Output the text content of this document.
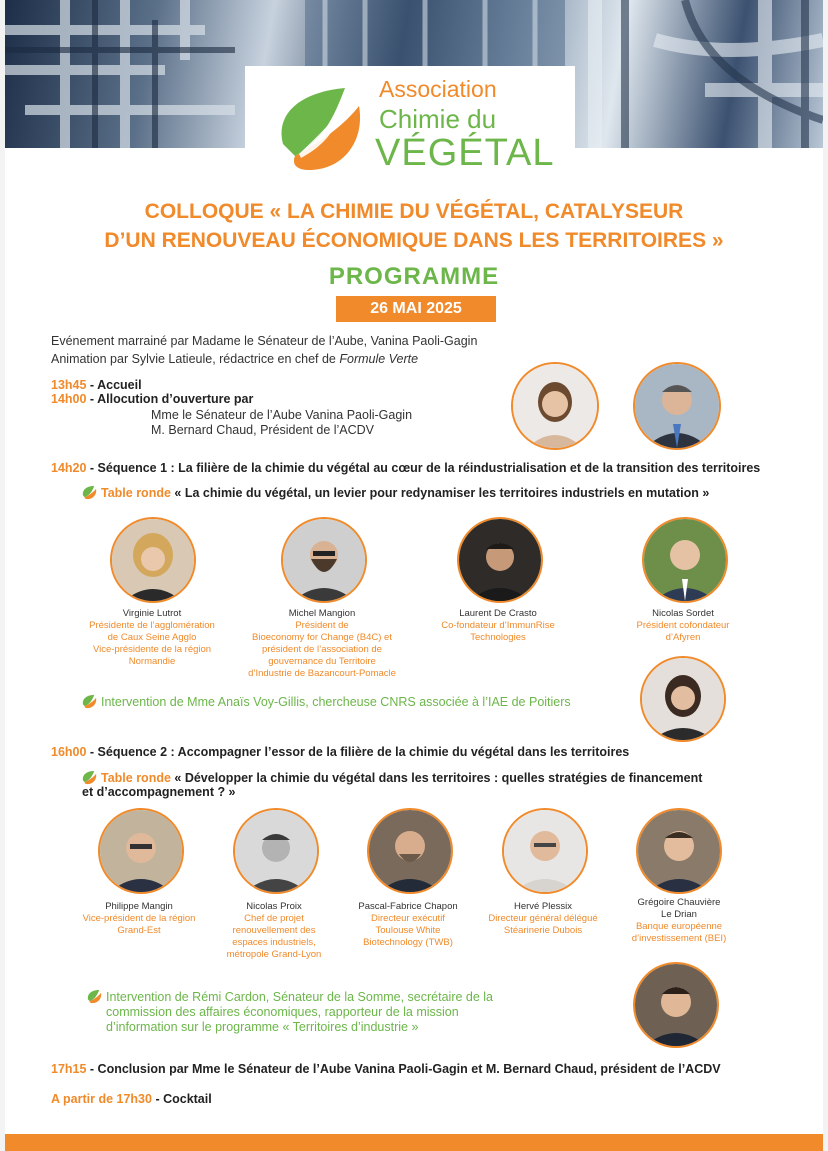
Association
Chimie du
VÉGÉTAL
COLLOQUE « LA CHIMIE DU VÉGÉTAL, CATALYSEUR
D’UN RENOUVEAU ÉCONOMIQUE DANS LES TERRITOIRES »
PROGRAMME
26 MAI 2025
Evénement marrainé par Madame le Sénateur de l’Aube, Vanina Paoli-Gagin
Animation par Sylvie Latieule, rédactrice en chef de Formule Verte
13h45 - Accueil
14h00 - Allocution d’ouverture par
Mme le Sénateur de l’Aube Vanina Paoli-Gagin
M. Bernard Chaud, Président de l’ACDV
14h20 - Séquence 1 : La filière de la chimie du végétal au cœur de la réindustrialisation et de la transition des territoires
Table ronde « La chimie du végétal, un levier pour redynamiser les territoires industriels en mutation »
Virginie Lutrot
Présidente de l’agglomération
de Caux Seine Agglo
Vice-présidente de la région
Normandie
Michel Mangion
Président de
Bioeconomy for Change (B4C) et
président de l’association de
gouvernance du Territoire
d’Industrie de Bazancourt-Pomacle
Laurent De Crasto
Co-fondateur d’ImmunRise
Technologies
Nicolas Sordet
Président cofondateur
d’Afyren
Intervention de Mme Anaïs Voy-Gillis, chercheuse CNRS associée à l’IAE de Poitiers
16h00 - Séquence 2 : Accompagner l’essor de la filière de la chimie du végétal dans les territoires
Table ronde « Développer la chimie du végétal dans les territoires : quelles stratégies de financement
et d’accompagnement ? »
Philippe Mangin
Vice-président de la région
Grand-Est
Nicolas Proix
Chef de projet
renouvellement des
espaces industriels,
métropole Grand-Lyon
Pascal-Fabrice Chapon
Directeur exécutif
Toulouse White
Biotechnology (TWB)
Hervé Plessix
Directeur général délégué
Stéarinerie Dubois
Grégoire Chauvière
Le Drian
Banque européenne
d’investissement (BEI)
Intervention de Rémi Cardon, Sénateur de la Somme, secrétaire de la
commission des affaires économiques, rapporteur de la mission
d’information sur le programme « Territoires d’industrie »
17h15 - Conclusion par Mme le Sénateur de l’Aube Vanina Paoli-Gagin et M. Bernard Chaud, président de l’ACDV
A partir de 17h30 - Cocktail
